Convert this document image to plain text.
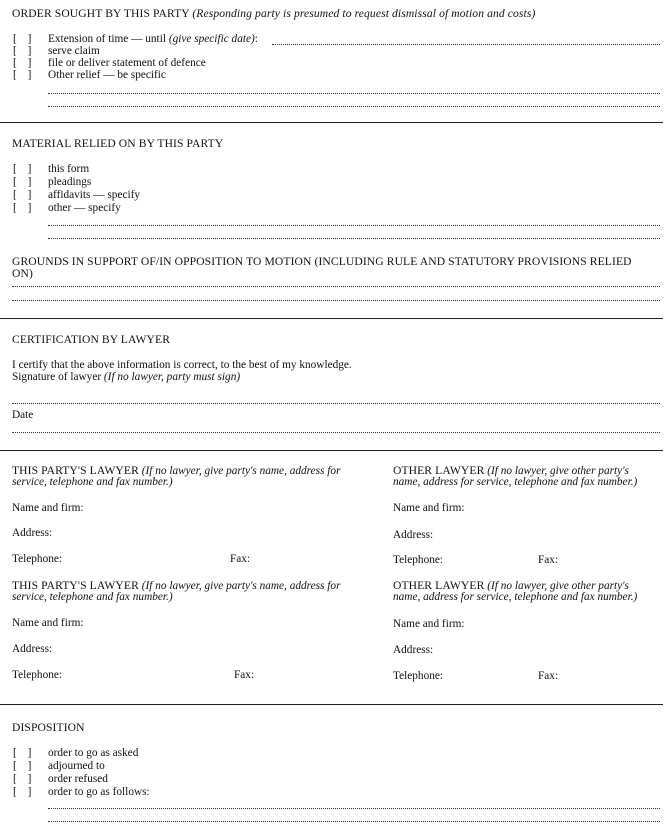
ORDER SOUGHT BY THIS PARTY (Responding party is presumed to request dismissal of motion and costs)
[ ]	Extension of time — until (give specific date):
[ ]	serve claim
[ ]	file or deliver statement of defence
[ ]	Other relief — be specific
MATERIAL RELIED ON BY THIS PARTY
[ ]	this form
[ ]	pleadings
[ ]	affidavits — specify
[ ]	other — specify
GROUNDS IN SUPPORT OF/IN OPPOSITION TO MOTION (INCLUDING RULE AND STATUTORY PROVISIONS RELIED
ON)
CERTIFICATION BY LAWYER
I certify that the above information is correct, to the best of my knowledge.
Signature of lawyer (If no lawyer, party must sign)
Date
THIS PARTY'S LAWYER (If no lawyer, give party's name, address for
service, telephone and fax number.)
OTHER LAWYER (If no lawyer, give other party's
name, address for service, telephone and fax number.)
Name and firm:	Name and firm:
Address:	Address:
Telephone:	Fax:	Telephone:	Fax:
THIS PARTY'S LAWYER (If no lawyer, give party's name, address for
service, telephone and fax number.)
OTHER LAWYER (If no lawyer, give other party's
name, address for service, telephone and fax number.)
Name and firm:	Name and firm:
Address:	Address:
Telephone:	Fax:	Telephone:	Fax:
DISPOSITION
[ ]	order to go as asked
[ ]	adjourned to
[ ]	order refused
[ ]	order to go as follows:
